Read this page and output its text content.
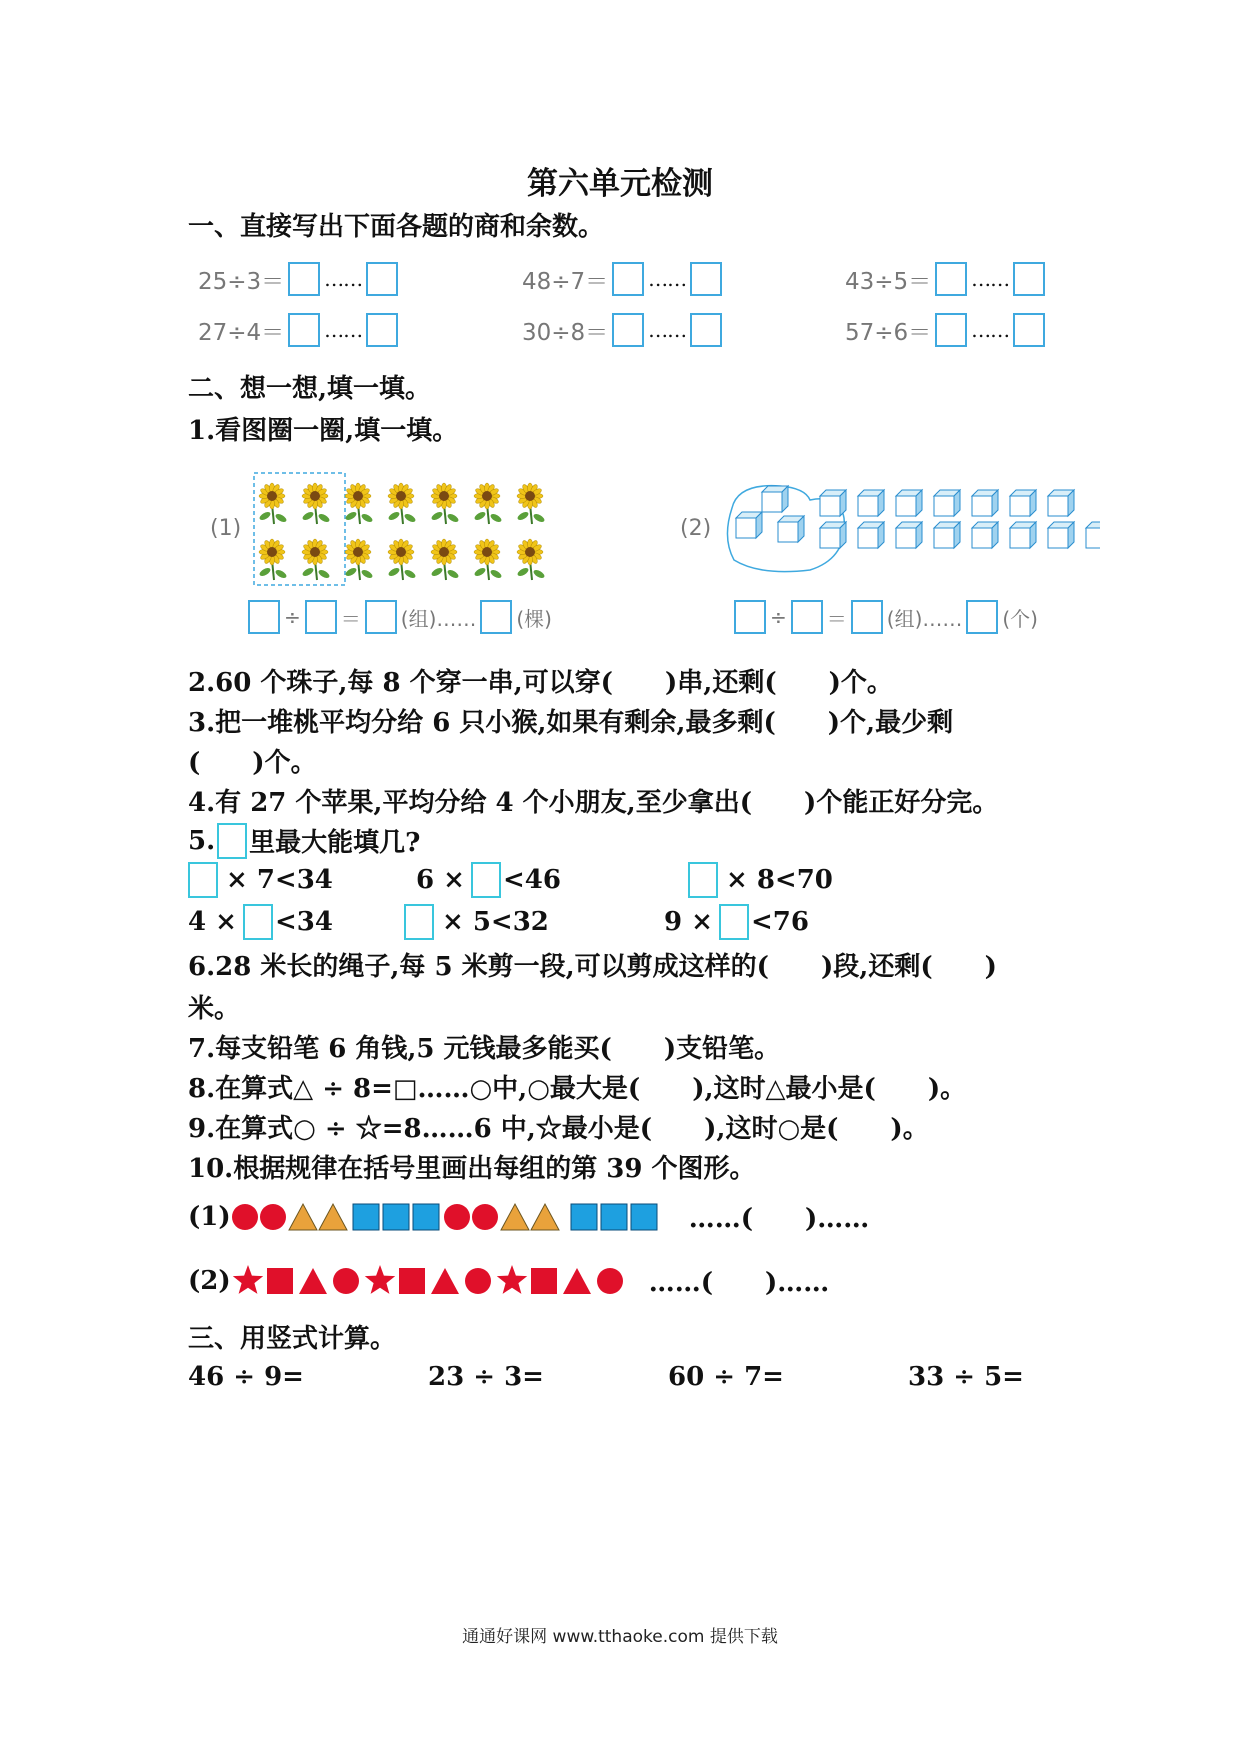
第六单元检测
一、直接写出下面各题的商和余数。
25÷3＝ ……	48÷7＝ ……	43÷5＝ ……
27÷4＝ ……	30÷8＝ ……	57÷6＝ ……
二、想一想,填一填。
1.看图圈一圈,填一填。
(1)	(2)
÷ ＝ (组)…… (棵)	÷ ＝ (组)…… (个)
2.60 个珠子,每 8 个穿一串,可以穿(　　)串,还剩(　　)个。
3.把一堆桃平均分给 6 只小猴,如果有剩余,最多剩(　　)个,最少剩
(　　)个。
4.有 27 个苹果,平均分给 4 个小朋友,至少拿出(　　)个能正好分完。
5. 里最大能填几?
× 7<34	6 × <46	× 8<70
4 × <34	× 5<32	9 × <76
6.28 米长的绳子,每 5 米剪一段,可以剪成这样的(　　)段,还剩(　　)
米。
7.每支铅笔 6 角钱,5 元钱最多能买(　　)支铅笔。
8.在算式△ ÷ 8=□……○中,○最大是(　　),这时△最小是(　　)。
9.在算式○ ÷ ☆=8……6 中,☆最小是(　　),这时○是(　　)。
10.根据规律在括号里画出每组的第 39 个图形。
(1)	……(　　)……
(2)	……(　　)……
三、用竖式计算。
46 ÷ 9=	23 ÷ 3=	60 ÷ 7=	33 ÷ 5=
通通好课网 www.tthaoke.com 提供下载
